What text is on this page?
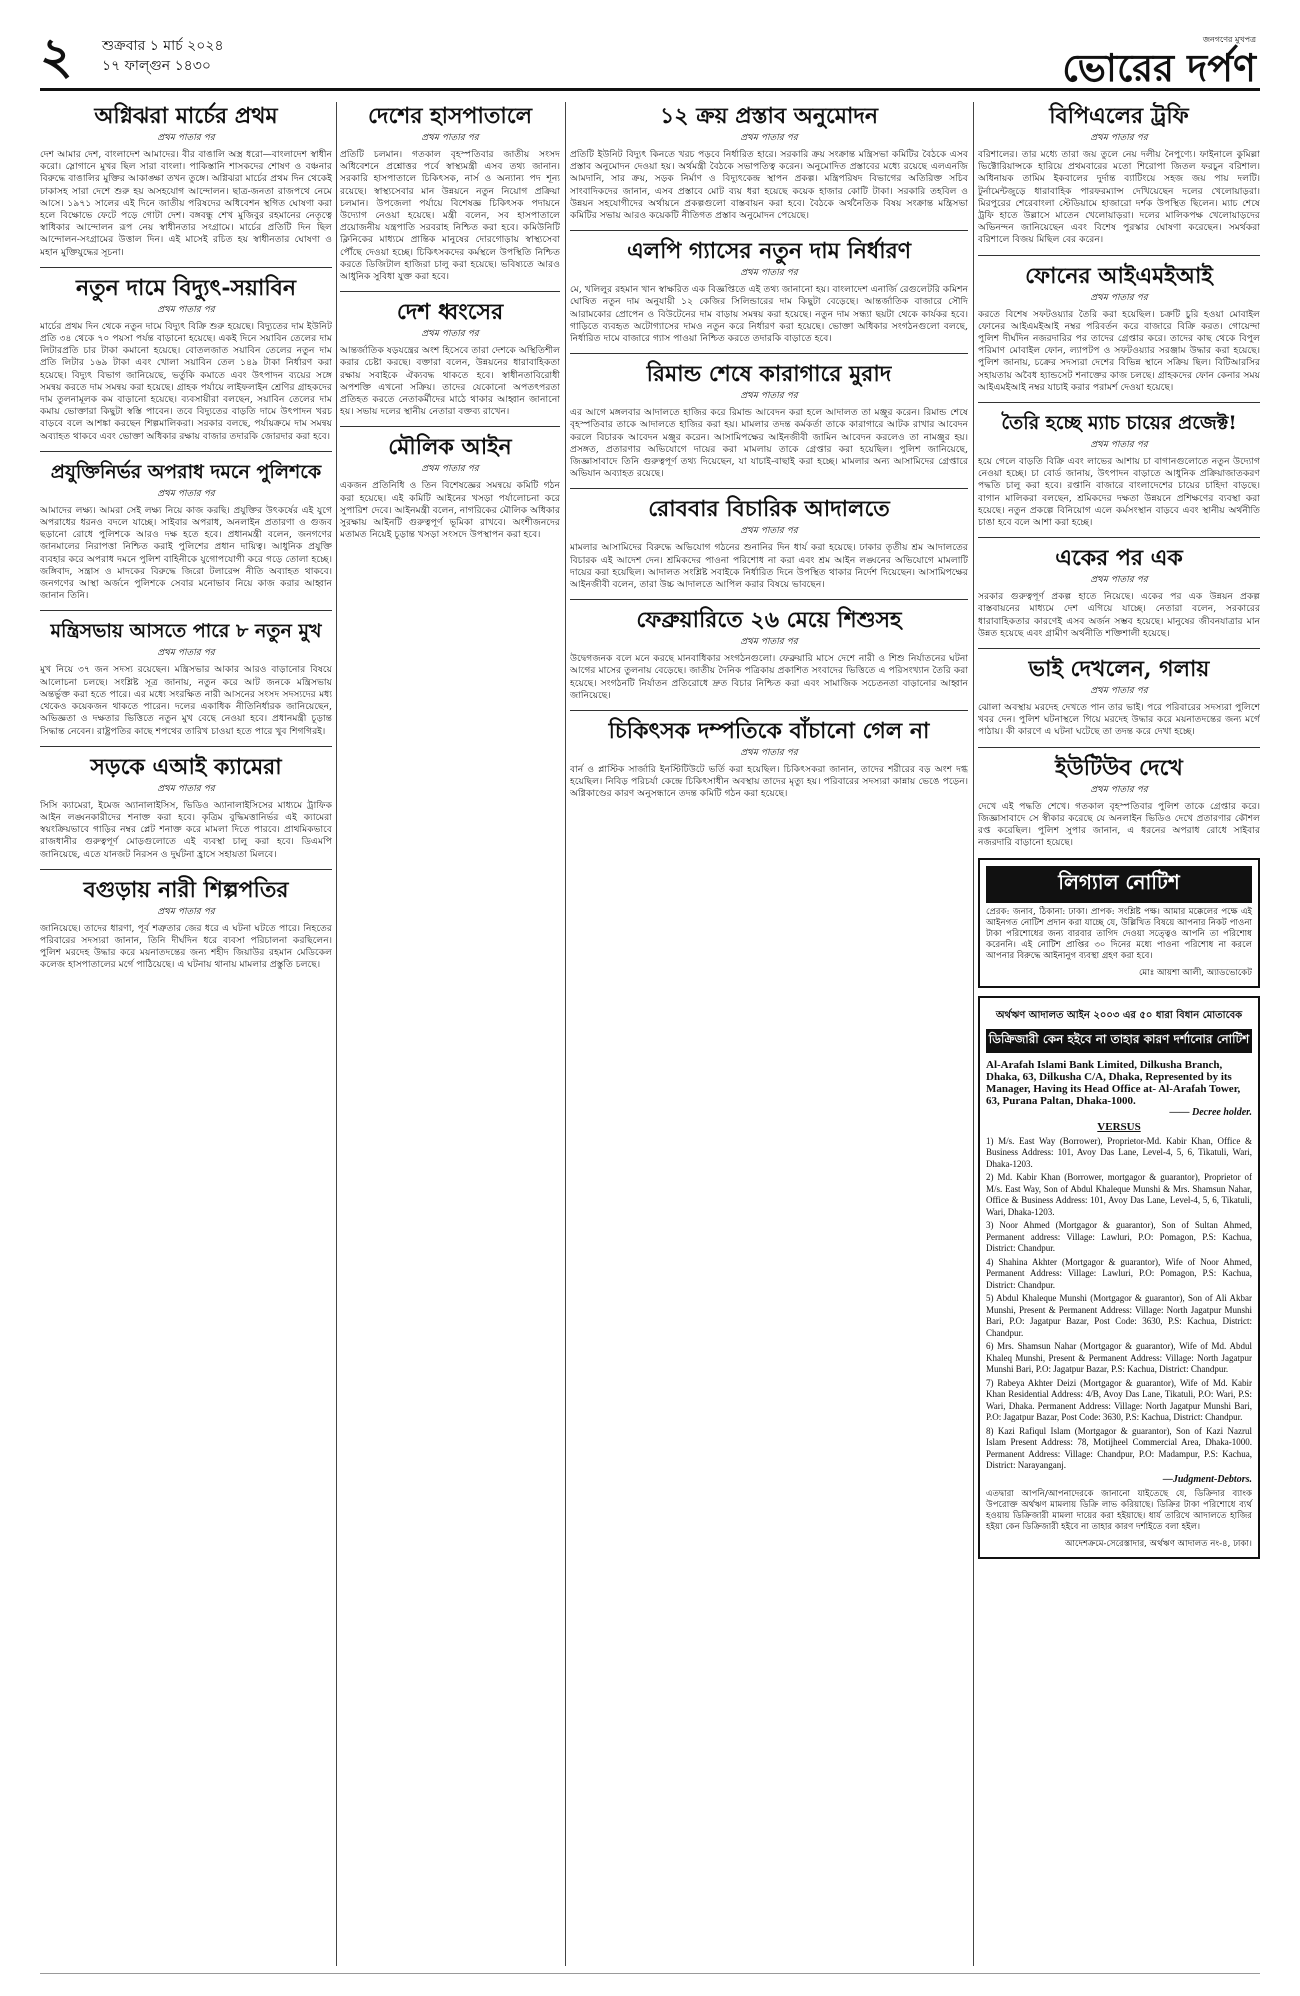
২ শুক্রবার ১ মার্চ ২০২৪
১৭ ফাল্গুন ১৪৩০
জনগণের মুখপত্র
ভোরের দর্পণ
অগ্নিঝরা মার্চের প্রথম

প্রথম পাতার পর

দেশ আমার দেশ, বাংলাদেশ আমাদের। বীর বাঙালি অস্ত্র ধরো—বাংলাদেশ স্বাধীন করো। স্লোগানে মুখর ছিল সারা বাংলা। পাকিস্তানি শাসকদের শোষণ ও বঞ্চনার বিরুদ্ধে বাঙালির মুক্তির আকাঙ্ক্ষা তখন তুঙ্গে। অগ্নিঝরা মার্চের প্রথম দিন থেকেই ঢাকাসহ সারা দেশে শুরু হয় অসহযোগ আন্দোলন। ছাত্র-জনতা রাজপথে নেমে আসে। ১৯৭১ সালের এই দিনে জাতীয় পরিষদের অধিবেশন স্থগিত ঘোষণা করা হলে বিক্ষোভে ফেটে পড়ে গোটা দেশ। বঙ্গবন্ধু শেখ মুজিবুর রহমানের নেতৃত্বে স্বাধিকার আন্দোলন রূপ নেয় স্বাধীনতার সংগ্রামে। মার্চের প্রতিটি দিন ছিল আন্দোলন-সংগ্রামের উত্তাল দিন। এই মাসেই রচিত হয় স্বাধীনতার ঘোষণা ও মহান মুক্তিযুদ্ধের সূচনা।

নতুন দামে বিদ্যুৎ-সয়াবিন

প্রথম পাতার পর

মার্চের প্রথম দিন থেকে নতুন দামে বিদ্যুৎ বিক্রি শুরু হয়েছে। বিদ্যুতের দাম ইউনিট প্রতি ৩৪ থেকে ৭০ পয়সা পর্যন্ত বাড়ানো হয়েছে। একই দিনে সয়াবিন তেলের দাম লিটারপ্রতি চার টাকা কমানো হয়েছে। বোতলজাত সয়াবিন তেলের নতুন দাম প্রতি লিটার ১৬৯ টাকা এবং খোলা সয়াবিন তেল ১৪৯ টাকা নির্ধারণ করা হয়েছে। বিদ্যুৎ বিভাগ জানিয়েছে, ভর্তুকি কমাতে এবং উৎপাদন ব্যয়ের সঙ্গে সমন্বয় করতে দাম সমন্বয় করা হয়েছে। গ্রাহক পর্যায়ে লাইফলাইন শ্রেণির গ্রাহকদের দাম তুলনামূলক কম বাড়ানো হয়েছে। ব্যবসায়ীরা বলছেন, সয়াবিন তেলের দাম কমায় ভোক্তারা কিছুটা স্বস্তি পাবেন। তবে বিদ্যুতের বাড়তি দামে উৎপাদন খরচ বাড়বে বলে আশঙ্কা করছেন শিল্পমালিকরা। সরকার বলছে, পর্যায়ক্রমে দাম সমন্বয় অব্যাহত থাকবে এবং ভোক্তা অধিকার রক্ষায় বাজার তদারকি জোরদার করা হবে।

প্রযুক্তিনির্ভর অপরাধ দমনে পুলিশকে

প্রথম পাতার পর

আমাদের লক্ষ্য। আমরা সেই লক্ষ্য নিয়ে কাজ করছি। প্রযুক্তির উৎকর্ষের এই যুগে অপরাধের ধরনও বদলে যাচ্ছে। সাইবার অপরাধ, অনলাইন প্রতারণা ও গুজব ছড়ানো রোধে পুলিশকে আরও দক্ষ হতে হবে। প্রধানমন্ত্রী বলেন, জনগণের জানমালের নিরাপত্তা নিশ্চিত করাই পুলিশের প্রধান দায়িত্ব। আধুনিক প্রযুক্তি ব্যবহার করে অপরাধ দমনে পুলিশ বাহিনীকে যুগোপযোগী করে গড়ে তোলা হচ্ছে। জঙ্গিবাদ, সন্ত্রাস ও মাদকের বিরুদ্ধে জিরো টলারেন্স নীতি অব্যাহত থাকবে। জনগণের আস্থা অর্জনে পুলিশকে সেবার মনোভাব নিয়ে কাজ করার আহ্বান জানান তিনি।

মন্ত্রিসভায় আসতে পারে ৮ নতুন মুখ

প্রথম পাতার পর

মুখ নিয়ে ৩৭ জন সদস্য রয়েছেন। মন্ত্রিসভার আকার আরও বাড়ানোর বিষয়ে আলোচনা চলছে। সংশ্লিষ্ট সূত্র জানায়, নতুন করে আট জনকে মন্ত্রিসভায় অন্তর্ভুক্ত করা হতে পারে। এর মধ্যে সংরক্ষিত নারী আসনের সংসদ সদস্যদের মধ্য থেকেও কয়েকজন থাকতে পারেন। দলের একাধিক নীতিনির্ধারক জানিয়েছেন, অভিজ্ঞতা ও দক্ষতার ভিত্তিতে নতুন মুখ বেছে নেওয়া হবে। প্রধানমন্ত্রী চূড়ান্ত সিদ্ধান্ত নেবেন। রাষ্ট্রপতির কাছে শপথের তারিখ চাওয়া হতে পারে খুব শিগগিরই।

সড়কে এআই ক্যামেরা

প্রথম পাতার পর

সিসি ক্যামেরা, ইমেজ অ্যানালাইসিস, ভিডিও অ্যানালাইসিসের মাধ্যমে ট্রাফিক আইন লঙ্ঘনকারীদের শনাক্ত করা হবে। কৃত্রিম বুদ্ধিমত্তানির্ভর এই ক্যামেরা স্বয়ংক্রিয়ভাবে গাড়ির নম্বর প্লেট শনাক্ত করে মামলা দিতে পারবে। প্রাথমিকভাবে রাজধানীর গুরুত্বপূর্ণ মোড়গুলোতে এই ব্যবস্থা চালু করা হবে। ডিএমপি জানিয়েছে, এতে যানজট নিরসন ও দুর্ঘটনা হ্রাসে সহায়তা মিলবে।

বগুড়ায় নারী শিল্পপতির

প্রথম পাতার পর

জানিয়েছে। তাদের ধারণা, পূর্ব শত্রুতার জের ধরে এ ঘটনা ঘটতে পারে। নিহতের পরিবারের সদস্যরা জানান, তিনি দীর্ঘদিন ধরে ব্যবসা পরিচালনা করছিলেন। পুলিশ মরদেহ উদ্ধার করে ময়নাতদন্তের জন্য শহীদ জিয়াউর রহমান মেডিকেল কলেজ হাসপাতালের মর্গে পাঠিয়েছে। এ ঘটনায় থানায় মামলার প্রস্তুতি চলছে।

দেশের হাসপাতালে

প্রথম পাতার পর

প্রতিটি চলমান। গতকাল বৃহস্পতিবার জাতীয় সংসদ অধিবেশনে প্রশ্নোত্তর পর্বে স্বাস্থ্যমন্ত্রী এসব তথ্য জানান। সরকারি হাসপাতালে চিকিৎসক, নার্স ও অন্যান্য পদ শূন্য রয়েছে। স্বাস্থ্যসেবার মান উন্নয়নে নতুন নিয়োগ প্রক্রিয়া চলমান। উপজেলা পর্যায়ে বিশেষজ্ঞ চিকিৎসক পদায়নে উদ্যোগ নেওয়া হয়েছে। মন্ত্রী বলেন, সব হাসপাতালে প্রয়োজনীয় যন্ত্রপাতি সরবরাহ নিশ্চিত করা হবে। কমিউনিটি ক্লিনিকের মাধ্যমে প্রান্তিক মানুষের দোরগোড়ায় স্বাস্থ্যসেবা পৌঁছে দেওয়া হচ্ছে। চিকিৎসকদের কর্মস্থলে উপস্থিতি নিশ্চিত করতে ডিজিটাল হাজিরা চালু করা হয়েছে। ভবিষ্যতে আরও আধুনিক সুবিধা যুক্ত করা হবে।

দেশ ধ্বংসের

প্রথম পাতার পর

আন্তর্জাতিক ষড়যন্ত্রের অংশ হিসেবে তারা দেশকে অস্থিতিশীল করার চেষ্টা করছে। বক্তারা বলেন, উন্নয়নের ধারাবাহিকতা রক্ষায় সবাইকে ঐক্যবদ্ধ থাকতে হবে। স্বাধীনতাবিরোধী অপশক্তি এখনো সক্রিয়। তাদের যেকোনো অপতৎপরতা প্রতিহত করতে নেতাকর্মীদের মাঠে থাকার আহ্বান জানানো হয়। সভায় দলের স্থানীয় নেতারা বক্তব্য রাখেন।

মৌলিক আইন

প্রথম পাতার পর

একজন প্রতিনিধি ও তিন বিশেষজ্ঞের সমন্বয়ে কমিটি গঠন করা হয়েছে। এই কমিটি আইনের খসড়া পর্যালোচনা করে সুপারিশ দেবে। আইনমন্ত্রী বলেন, নাগরিকের মৌলিক অধিকার সুরক্ষায় আইনটি গুরুত্বপূর্ণ ভূমিকা রাখবে। অংশীজনদের মতামত নিয়েই চূড়ান্ত খসড়া সংসদে উপস্থাপন করা হবে।

১২ ক্রয় প্রস্তাব অনুমোদন

প্রথম পাতার পর

প্রতিটি ইউনিট বিদ্যুৎ কিনতে খরচ পড়বে নির্ধারিত হারে। সরকারি ক্রয় সংক্রান্ত মন্ত্রিসভা কমিটির বৈঠকে এসব প্রস্তাব অনুমোদন দেওয়া হয়। অর্থমন্ত্রী বৈঠকে সভাপতিত্ব করেন। অনুমোদিত প্রস্তাবের মধ্যে রয়েছে এলএনজি আমদানি, সার ক্রয়, সড়ক নির্মাণ ও বিদ্যুৎকেন্দ্র স্থাপন প্রকল্প। মন্ত্রিপরিষদ বিভাগের অতিরিক্ত সচিব সাংবাদিকদের জানান, এসব প্রস্তাবে মোট ব্যয় ধরা হয়েছে কয়েক হাজার কোটি টাকা। সরকারি তহবিল ও উন্নয়ন সহযোগীদের অর্থায়নে প্রকল্পগুলো বাস্তবায়ন করা হবে। বৈঠকে অর্থনৈতিক বিষয় সংক্রান্ত মন্ত্রিসভা কমিটির সভায় আরও কয়েকটি নীতিগত প্রস্তাব অনুমোদন পেয়েছে।

এলপি গ্যাসের নতুন দাম নির্ধারণ

প্রথম পাতার পর

মে, খলিলুর রহমান খান স্বাক্ষরিত এক বিজ্ঞপ্তিতে এই তথ্য জানানো হয়। বাংলাদেশ এনার্জি রেগুলেটরি কমিশন ঘোষিত নতুন দাম অনুযায়ী ১২ কেজির সিলিন্ডারের দাম কিছুটা বেড়েছে। আন্তর্জাতিক বাজারে সৌদি আরামকোর প্রোপেন ও বিউটেনের দাম বাড়ায় সমন্বয় করা হয়েছে। নতুন দাম সন্ধ্যা ছয়টা থেকে কার্যকর হবে। গাড়িতে ব্যবহৃত অটোগ্যাসের দামও নতুন করে নির্ধারণ করা হয়েছে। ভোক্তা অধিকার সংগঠনগুলো বলছে, নির্ধারিত দামে বাজারে গ্যাস পাওয়া নিশ্চিত করতে তদারকি বাড়াতে হবে।

রিমান্ড শেষে কারাগারে মুরাদ

প্রথম পাতার পর

এর আগে মঙ্গলবার আদালতে হাজির করে রিমান্ড আবেদন করা হলে আদালত তা মঞ্জুর করেন। রিমান্ড শেষে বৃহস্পতিবার তাকে আদালতে হাজির করা হয়। মামলার তদন্ত কর্মকর্তা তাকে কারাগারে আটক রাখার আবেদন করলে বিচারক আবেদন মঞ্জুর করেন। আসামিপক্ষের আইনজীবী জামিন আবেদন করলেও তা নামঞ্জুর হয়। প্রসঙ্গত, প্রতারণার অভিযোগে দায়ের করা মামলায় তাকে গ্রেপ্তার করা হয়েছিল। পুলিশ জানিয়েছে, জিজ্ঞাসাবাদে তিনি গুরুত্বপূর্ণ তথ্য দিয়েছেন, যা যাচাই-বাছাই করা হচ্ছে। মামলার অন্য আসামিদের গ্রেপ্তারে অভিযান অব্যাহত রয়েছে।

রোববার বিচারিক আদালতে

প্রথম পাতার পর

মামলার আসামিদের বিরুদ্ধে অভিযোগ গঠনের শুনানির দিন ধার্য করা হয়েছে। ঢাকার তৃতীয় শ্রম আদালতের বিচারক এই আদেশ দেন। শ্রমিকদের পাওনা পরিশোধ না করা এবং শ্রম আইন লঙ্ঘনের অভিযোগে মামলাটি দায়ের করা হয়েছিল। আদালত সংশ্লিষ্ট সবাইকে নির্ধারিত দিনে উপস্থিত থাকার নির্দেশ দিয়েছেন। আসামিপক্ষের আইনজীবী বলেন, তারা উচ্চ আদালতে আপিল করার বিষয়ে ভাবছেন।

ফেব্রুয়ারিতে ২৬ মেয়ে শিশুসহ

প্রথম পাতার পর

উদ্বেগজনক বলে মনে করছে মানবাধিকার সংগঠনগুলো। ফেব্রুয়ারি মাসে দেশে নারী ও শিশু নির্যাতনের ঘটনা আগের মাসের তুলনায় বেড়েছে। জাতীয় দৈনিক পত্রিকায় প্রকাশিত সংবাদের ভিত্তিতে এ পরিসংখ্যান তৈরি করা হয়েছে। সংগঠনটি নির্যাতন প্রতিরোধে দ্রুত বিচার নিশ্চিত করা এবং সামাজিক সচেতনতা বাড়ানোর আহ্বান জানিয়েছে।

চিকিৎসক দম্পতিকে বাঁচানো গেল না

প্রথম পাতার পর

বার্ন ও প্লাস্টিক সার্জারি ইনস্টিটিউটে ভর্তি করা হয়েছিল। চিকিৎসকরা জানান, তাদের শরীরের বড় অংশ দগ্ধ হয়েছিল। নিবিড় পরিচর্যা কেন্দ্রে চিকিৎসাধীন অবস্থায় তাদের মৃত্যু হয়। পরিবারের সদস্যরা কান্নায় ভেঙে পড়েন। অগ্নিকাণ্ডের কারণ অনুসন্ধানে তদন্ত কমিটি গঠন করা হয়েছে।

বিপিএলের ট্রফি

প্রথম পাতার পর

বরিশালের। তার মধ্যে তারা জয় তুলে নেয় দলীয় নৈপুণ্যে। ফাইনালে কুমিল্লা ভিক্টোরিয়ান্সকে হারিয়ে প্রথমবারের মতো শিরোপা জিতল ফরচুন বরিশাল। অধিনায়ক তামিম ইকবালের দুর্দান্ত ব্যাটিংয়ে সহজ জয় পায় দলটি। টুর্নামেন্টজুড়ে ধারাবাহিক পারফরম্যান্স দেখিয়েছেন দলের খেলোয়াড়রা। মিরপুরের শেরেবাংলা স্টেডিয়ামে হাজারো দর্শক উপস্থিত ছিলেন। ম্যাচ শেষে ট্রফি হাতে উল্লাসে মাতেন খেলোয়াড়রা। দলের মালিকপক্ষ খেলোয়াড়দের অভিনন্দন জানিয়েছেন এবং বিশেষ পুরস্কার ঘোষণা করেছেন। সমর্থকরা বরিশালে বিজয় মিছিল বের করেন।

ফোনের আইএমইআই

প্রথম পাতার পর

করতে বিশেষ সফটওয়্যার তৈরি করা হয়েছিল। চক্রটি চুরি হওয়া মোবাইল ফোনের আইএমইআই নম্বর পরিবর্তন করে বাজারে বিক্রি করত। গোয়েন্দা পুলিশ দীর্ঘদিন নজরদারির পর তাদের গ্রেপ্তার করে। তাদের কাছ থেকে বিপুল পরিমাণ মোবাইল ফোন, ল্যাপটপ ও সফটওয়্যার সরঞ্জাম উদ্ধার করা হয়েছে। পুলিশ জানায়, চক্রের সদস্যরা দেশের বিভিন্ন স্থানে সক্রিয় ছিল। বিটিআরসির সহায়তায় অবৈধ হ্যান্ডসেট শনাক্তের কাজ চলছে। গ্রাহকদের ফোন কেনার সময় আইএমইআই নম্বর যাচাই করার পরামর্শ দেওয়া হয়েছে।

তৈরি হচ্ছে ম্যাচ চায়ের প্রজেক্ট!

প্রথম পাতার পর

হয়ে গেলে বাড়তি বিক্রি এবং লাভের আশায় চা বাগানগুলোতে নতুন উদ্যোগ নেওয়া হচ্ছে। চা বোর্ড জানায়, উৎপাদন বাড়াতে আধুনিক প্রক্রিয়াজাতকরণ পদ্ধতি চালু করা হবে। রপ্তানি বাজারে বাংলাদেশের চায়ের চাহিদা বাড়ছে। বাগান মালিকরা বলছেন, শ্রমিকদের দক্ষতা উন্নয়নে প্রশিক্ষণের ব্যবস্থা করা হয়েছে। নতুন প্রকল্পে বিনিয়োগ এলে কর্মসংস্থান বাড়বে এবং স্থানীয় অর্থনীতি চাঙা হবে বলে আশা করা হচ্ছে।

একের পর এক

প্রথম পাতার পর

সরকার গুরুত্বপূর্ণ প্রকল্প হাতে নিয়েছে। একের পর এক উন্নয়ন প্রকল্প বাস্তবায়নের মাধ্যমে দেশ এগিয়ে যাচ্ছে। নেতারা বলেন, সরকারের ধারাবাহিকতার কারণেই এসব অর্জন সম্ভব হয়েছে। মানুষের জীবনযাত্রার মান উন্নত হয়েছে এবং গ্রামীণ অর্থনীতি শক্তিশালী হয়েছে।

ভাই দেখলেন, গলায়

প্রথম পাতার পর

ঝোলা অবস্থায় মরদেহ দেখতে পান তার ভাই। পরে পরিবারের সদস্যরা পুলিশে খবর দেন। পুলিশ ঘটনাস্থলে গিয়ে মরদেহ উদ্ধার করে ময়নাতদন্তের জন্য মর্গে পাঠায়। কী কারণে এ ঘটনা ঘটেছে তা তদন্ত করে দেখা হচ্ছে।

ইউটিউব দেখে

প্রথম পাতার পর

দেখে এই পদ্ধতি শেখে। গতকাল বৃহস্পতিবার পুলিশ তাকে গ্রেপ্তার করে। জিজ্ঞাসাবাদে সে স্বীকার করেছে যে অনলাইন ভিডিও দেখে প্রতারণার কৌশল রপ্ত করেছিল। পুলিশ সুপার জানান, এ ধরনের অপরাধ রোধে সাইবার নজরদারি বাড়ানো হয়েছে।

লিগ্যাল নোটিশ
প্রেরক: জনাব, ঠিকানা: ঢাকা। প্রাপক: সংশ্লিষ্ট পক্ষ। আমার মক্কেলের পক্ষে এই আইনগত নোটিশ প্রদান করা যাচ্ছে যে, উল্লিখিত বিষয়ে আপনার নিকট পাওনা টাকা পরিশোধের জন্য বারবার তাগিদ দেওয়া সত্ত্বেও আপনি তা পরিশোধ করেননি। এই নোটিশ প্রাপ্তির ৩০ দিনের মধ্যে পাওনা পরিশোধ না করলে আপনার বিরুদ্ধে আইনানুগ ব্যবস্থা গ্রহণ করা হবে।
মোঃ আয়শা আলী, অ্যাডভোকেট
অর্থঋণ আদালত আইন ২০০৩ এর ৫০ ধারা বিধান মোতাবেক
ডিক্রিজারী কেন হইবে না তাহার কারণ দর্শানোর নোটিশ
Al-Arafah Islami Bank Limited, Dilkusha Branch, Dhaka, 63, Dilkusha C/A, Dhaka, Represented by its Manager, Having its Head Office at- Al-Arafah Tower, 63, Purana Paltan, Dhaka-1000.
—— Decree holder.
VERSUS
1) M/s. East Way (Borrower), Proprietor-Md. Kabir Khan, Office & Business Address: 101, Avoy Das Lane, Level-4, 5, 6, Tikatuli, Wari, Dhaka-1203.
2) Md. Kabir Khan (Borrower, mortgagor & guarantor), Proprietor of M/s. East Way, Son of Abdul Khaleque Munshi & Mrs. Shamsun Nahar, Office & Business Address: 101, Avoy Das Lane, Level-4, 5, 6, Tikatuli, Wari, Dhaka-1203.
3) Noor Ahmed (Mortgagor & guarantor), Son of Sultan Ahmed, Permanent address: Village: Lawluri, P.O: Pomagon, P.S: Kachua, District: Chandpur.
4) Shahina Akhter (Mortgagor & guarantor), Wife of Noor Ahmed, Permanent Address: Village: Lawluri, P.O: Pomagon, P.S: Kachua, District: Chandpur.
5) Abdul Khaleque Munshi (Mortgagor & guarantor), Son of Ali Akbar Munshi, Present & Permanent Address: Village: North Jagatpur Munshi Bari, P.O: Jagatpur Bazar, Post Code: 3630, P.S: Kachua, District: Chandpur.
6) Mrs. Shamsun Nahar (Mortgagor & guarantor), Wife of Md. Abdul Khaleq Munshi, Present & Permanent Address: Village: North Jagatpur Munshi Bari, P.O: Jagatpur Bazar, P.S: Kachua, District: Chandpur.
7) Rabeya Akhter Deizi (Mortgagor & guarantor), Wife of Md. Kabir Khan Residential Address: 4/B, Avoy Das Lane, Tikatuli, P.O: Wari, P.S: Wari, Dhaka. Permanent Address: Village: North Jagatpur Munshi Bari, P.O: Jagatpur Bazar, Post Code: 3630, P.S: Kachua, District: Chandpur.
8) Kazi Rafiqul Islam (Mortgagor & guarantor), Son of Kazi Nazrul Islam Present Address: 78, Motijheel Commercial Area, Dhaka-1000. Permanent Address: Village: Chandpur, P.O: Madampur, P.S: Kachua, District: Narayanganj.
—Judgment-Debtors.
এতদ্বারা আপনি/আপনাদেরকে জানানো যাইতেছে যে, ডিক্রিদার ব্যাংক উপরোক্ত অর্থঋণ মামলায় ডিক্রি লাভ করিয়াছে। ডিক্রির টাকা পরিশোধে ব্যর্থ হওয়ায় ডিক্রিজারী মামলা দায়ের করা হইয়াছে। ধার্য তারিখে আদালতে হাজির হইয়া কেন ডিক্রিজারী হইবে না তাহার কারণ দর্শাইতে বলা হইল।
আদেশক্রমে-সেরেস্তাদার, অর্থঋণ আদালত নং-৪, ঢাকা।
